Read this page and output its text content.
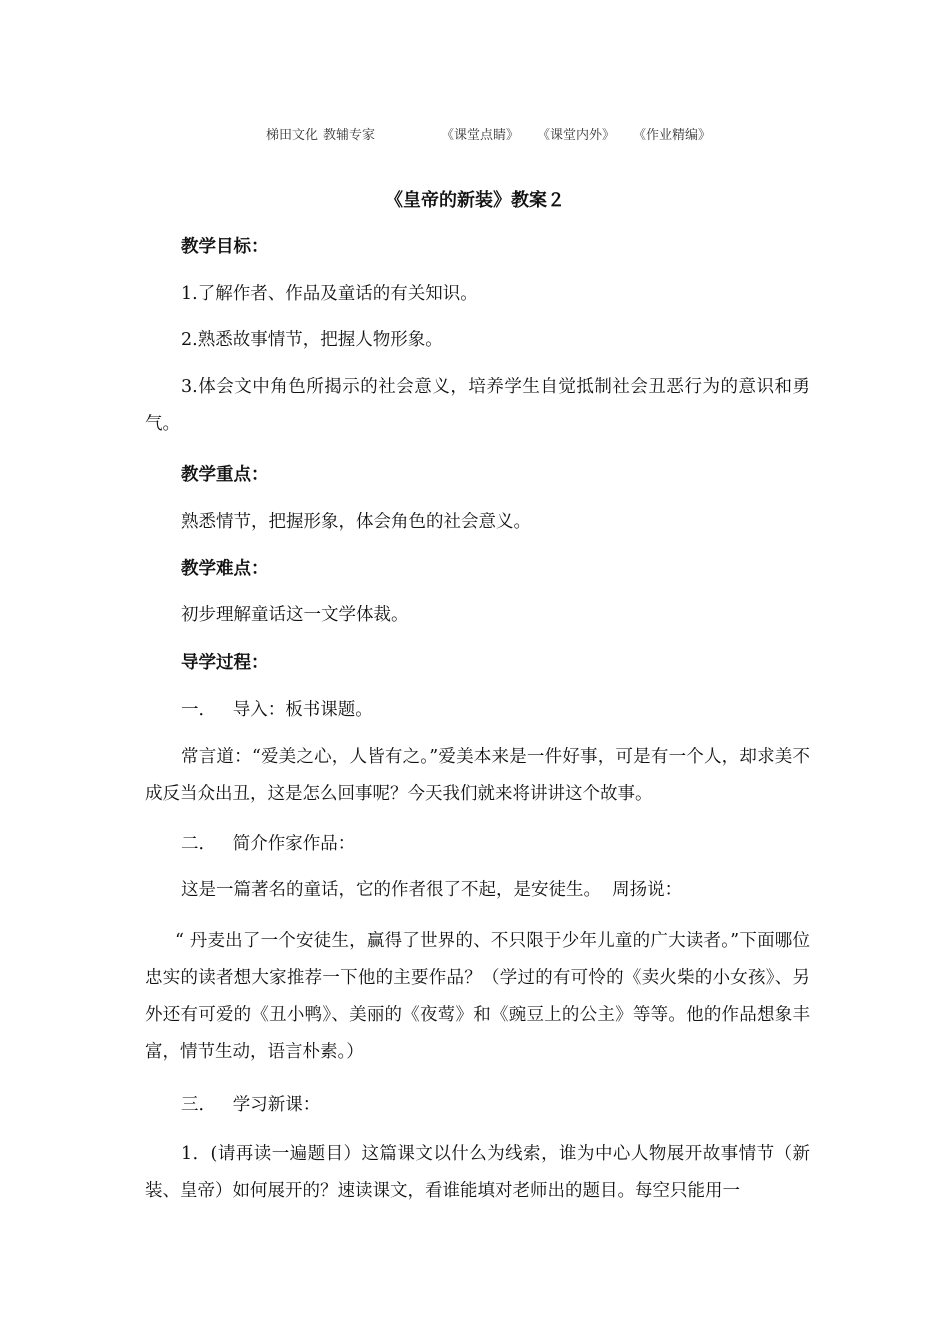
梯田文化 教辅专家	《课堂点睛》 《课堂内外》 《作业精编》
《皇帝的新装》教案２
教学目标：
1.了解作者、作品及童话的有关知识。
2.熟悉故事情节，把握人物形象。
3.体会文中角色所揭示的社会意义，培养学生自觉抵制社会丑恶行为的意识和勇气。
教学重点：
熟悉情节，把握形象，体会角色的社会意义。
教学难点：
初步理解童话这一文学体裁。
导学过程：
一．   导入：板书课题。
常言道：“爱美之心，人皆有之。”爱美本来是一件好事，可是有一个人，却求美不成反当众出丑，这是怎么回事呢？今天我们就来将讲讲这个故事。
二．   简介作家作品：
这是一篇著名的童话，它的作者很了不起，是安徒生。  周扬说：
“ 丹麦出了一个安徒生，赢得了世界的、不只限于少年儿童的广大读者。”下面哪位忠实的读者想大家推荐一下他的主要作品？（学过的有可怜的《卖火柴的小女孩》、另外还有可爱的《丑小鸭》、美丽的《夜莺》和《豌豆上的公主》等等。他的作品想象丰富，情节生动，语言朴素。）
三．   学习新课：
1．(请再读一遍题目）这篇课文以什么为线索，谁为中心人物展开故事情节（新装、皇帝）如何展开的？速读课文，看谁能填对老师出的题目。每空只能用一
